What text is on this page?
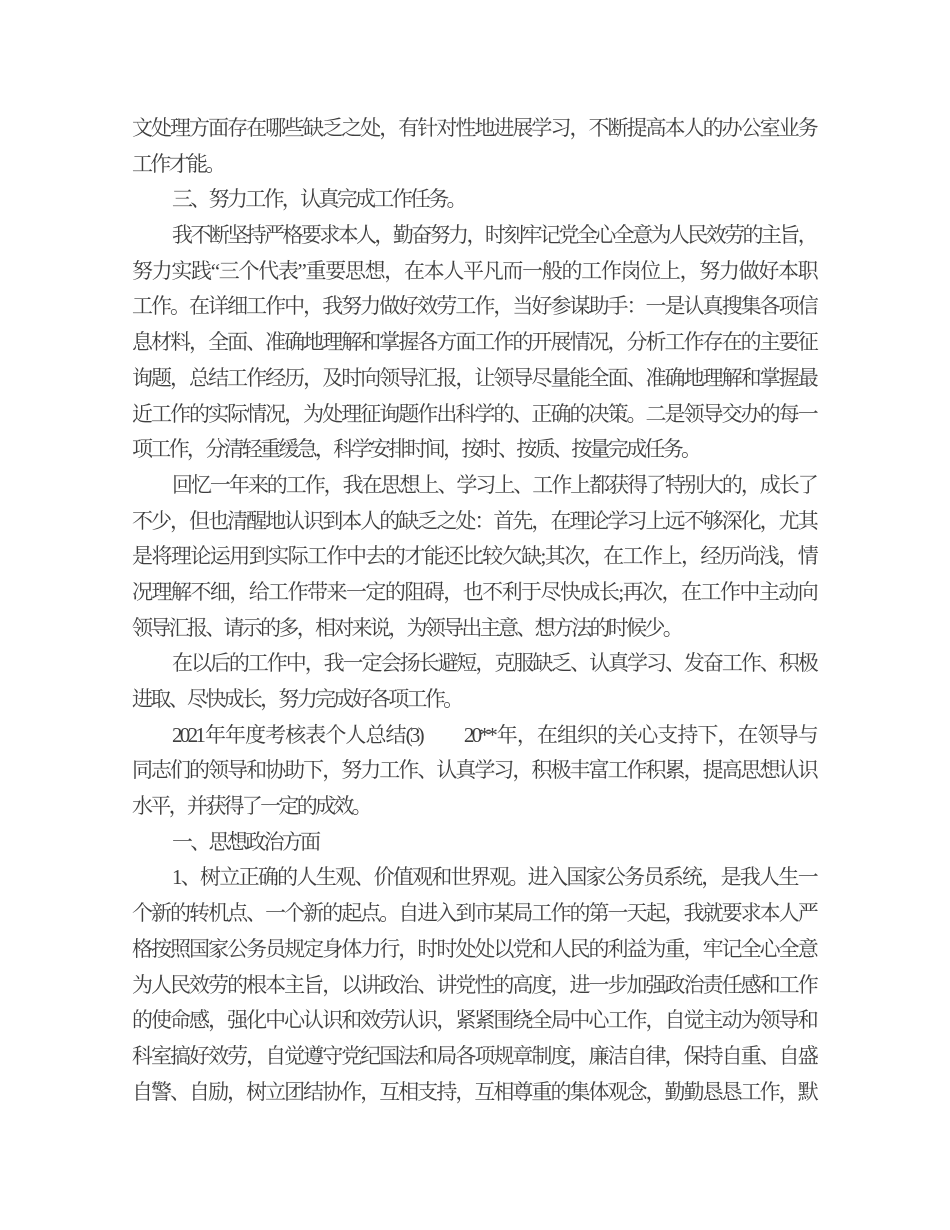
文处理方面存在哪些缺乏之处，有针对性地进展学习，不断提高本人的办公室业务
工作才能。
三、努力工作，认真完成工作任务。
我不断坚持严格要求本人，勤奋努力，时刻牢记党全心全意为人民效劳的主旨，
努力实践“三个代表”重要思想，在本人平凡而一般的工作岗位上，努力做好本职
工作。在详细工作中，我努力做好效劳工作，当好参谋助手：一是认真搜集各项信
息材料，全面、准确地理解和掌握各方面工作的开展情况，分析工作存在的主要征
询题，总结工作经历，及时向领导汇报，让领导尽量能全面、准确地理解和掌握最
近工作的实际情况，为处理征询题作出科学的、正确的决策。二是领导交办的每一
项工作，分清轻重缓急，科学安排时间，按时、按质、按量完成任务。
回忆一年来的工作，我在思想上、学习上、工作上都获得了特别大的，成长了
不少，但也清醒地认识到本人的缺乏之处：首先，在理论学习上远不够深化，尤其
是将理论运用到实际工作中去的才能还比较欠缺;其次，在工作上，经历尚浅，情
况理解不细，给工作带来一定的阻碍，也不利于尽快成长;再次，在工作中主动向
领导汇报、请示的多，相对来说，为领导出主意、想方法的时候少。
在以后的工作中，我一定会扬长避短，克服缺乏、认真学习、发奋工作、积极
进取、尽快成长，努力完成好各项工作。
2021年年度考核表个人总结(3)　　20**年，在组织的关心支持下，在领导与
同志们的领导和协助下，努力工作、认真学习，积极丰富工作积累，提高思想认识
水平，并获得了一定的成效。
一、思想政治方面
1、树立正确的人生观、价值观和世界观。进入国家公务员系统，是我人生一
个新的转机点、一个新的起点。自进入到市某局工作的第一天起，我就要求本人严
格按照国家公务员规定身体力行，时时处处以党和人民的利益为重，牢记全心全意
为人民效劳的根本主旨，以讲政治、讲党性的高度，进一步加强政治责任感和工作
的使命感，强化中心认识和效劳认识，紧紧围绕全局中心工作，自觉主动为领导和
科室搞好效劳，自觉遵守党纪国法和局各项规章制度，廉洁自律，保持自重、自盛
自警、自励，树立团结协作，互相支持，互相尊重的集体观念，勤勤恳恳工作，默
